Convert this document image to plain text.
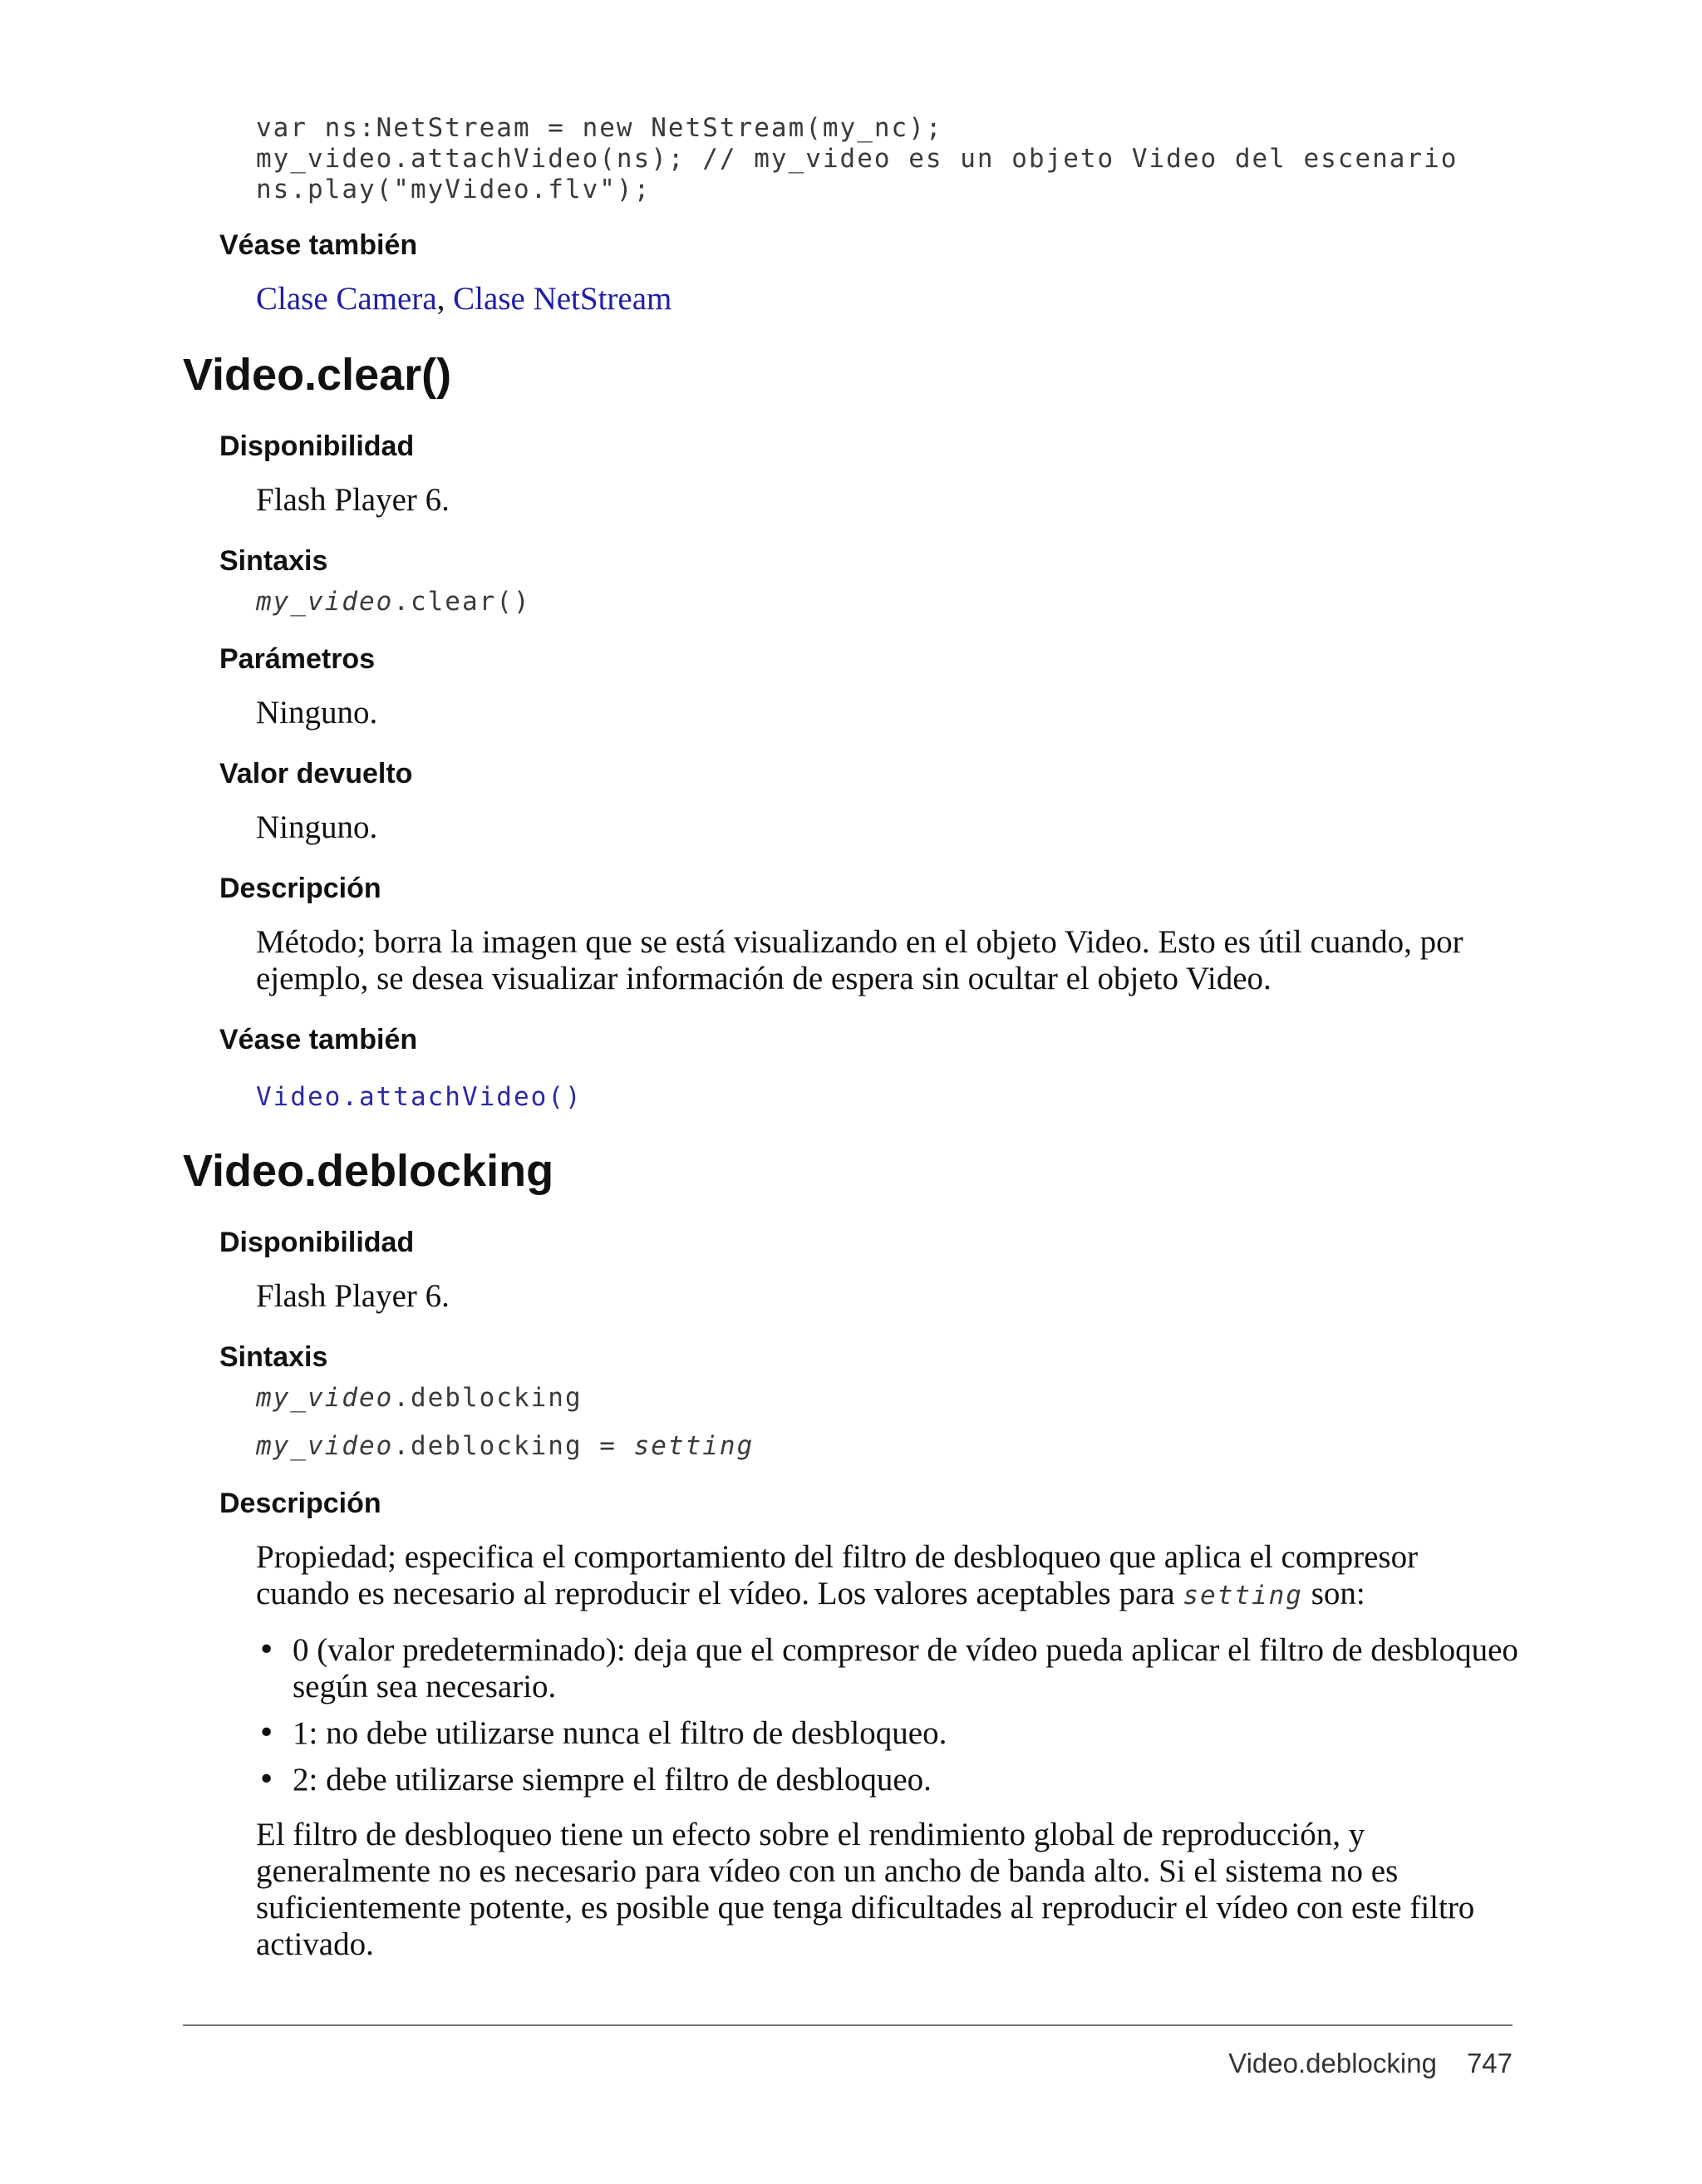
var ns:NetStream = new NetStream(my_nc);
my_video.attachVideo(ns); // my_video es un objeto Video del escenario
ns.play("myVideo.flv");
Véase también
Clase Camera, Clase NetStream
Video.clear()
Disponibilidad
Flash Player 6.
Sintaxis
my_video.clear()
Parámetros
Ninguno.
Valor devuelto
Ninguno.
Descripción
Método; borra la imagen que se está visualizando en el objeto Video. Esto es útil cuando, por ejemplo, se desea visualizar información de espera sin ocultar el objeto Video.
Véase también
Video.attachVideo()
Video.deblocking
Disponibilidad
Flash Player 6.
Sintaxis
my_video.deblocking
my_video.deblocking = setting
Descripción
Propiedad; especifica el comportamiento del filtro de desbloqueo que aplica el compresor cuando es necesario al reproducir el vídeo. Los valores aceptables para setting son:
• 0 (valor predeterminado): deja que el compresor de vídeo pueda aplicar el filtro de desbloqueo según sea necesario.
• 1: no debe utilizarse nunca el filtro de desbloqueo.
• 2: debe utilizarse siempre el filtro de desbloqueo.
El filtro de desbloqueo tiene un efecto sobre el rendimiento global de reproducción, y generalmente no es necesario para vídeo con un ancho de banda alto. Si el sistema no es suficientemente potente, es posible que tenga dificultades al reproducir el vídeo con este filtro activado.
Video.deblocking 747
